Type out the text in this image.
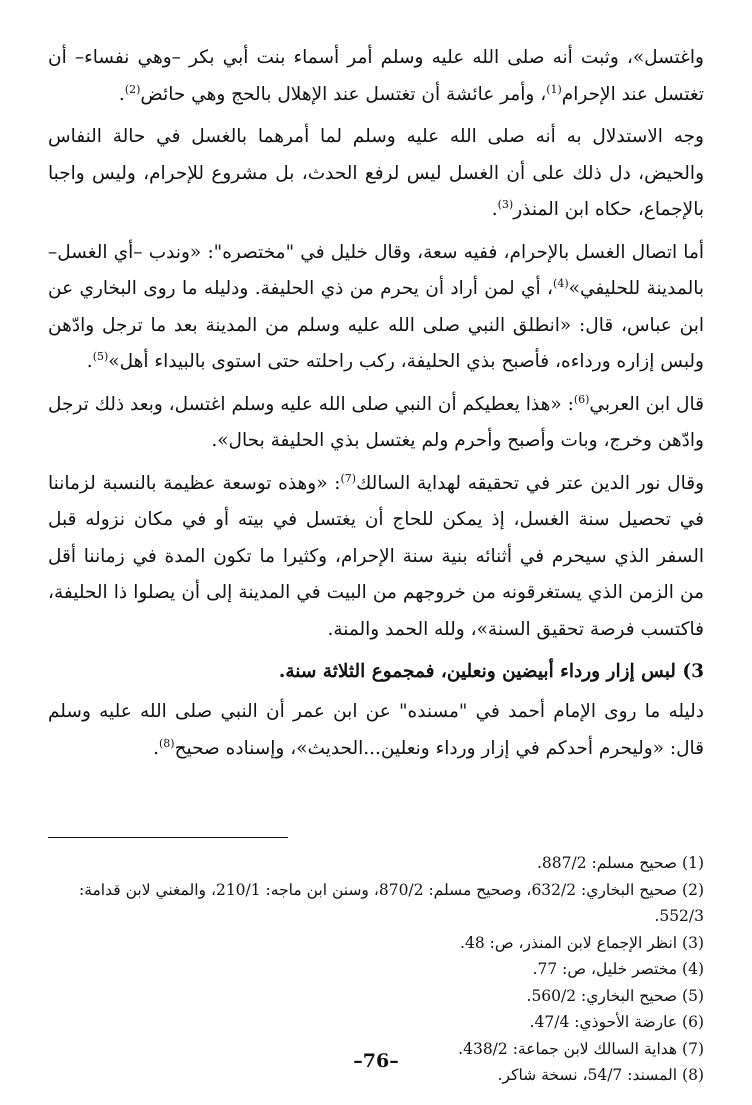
واغتسل»، وثبت أنه صلى الله عليه وسلم أمر أسماء بنت أبي بكر –وهي نفساء– أن تغتسل عند الإحرام$^{(1)}$، وأمر عائشة أن تغتسل عند الإهلال بالحج وهي حائض$^{(2)}$.

وجه الاستدلال به أنه صلى الله عليه وسلم لما أمرهما بالغسل في حالة النفاس والحيض، دل ذلك على أن الغسل ليس لرفع الحدث، بل مشروع للإحرام، وليس واجبا بالإجماع، حكاه ابن المنذر$^{(3)}$.

أما اتصال الغسل بالإحرام، ففيه سعة، وقال خليل في "مختصره": «وندب –أي الغسل– بالمدينة للحليفي»$^{(4)}$، أي لمن أراد أن يحرم من ذي الحليفة. ودليله ما روى البخاري عن ابن عباس، قال: «انطلق النبي صلى الله عليه وسلم من المدينة بعد ما ترجل وادّهن ولبس إزاره ورداءه، فأصبح بذي الحليفة، ركب راحلته حتى استوى بالبيداء أهل»$^{(5)}$.

قال ابن العربي$^{(6)}$: «هذا يعطيكم أن النبي صلى الله عليه وسلم اغتسل، وبعد ذلك ترجل وادّهن وخرج، وبات وأصبح وأحرم ولم يغتسل بذي الحليفة بحال».

وقال نور الدين عتر في تحقيقه لهداية السالك$^{(7)}$: «وهذه توسعة عظيمة بالنسبة لزماننا في تحصيل سنة الغسل، إذ يمكن للحاج أن يغتسل في بيته أو في مكان نزوله قبل السفر الذي سيحرم في أثنائه بنية سنة الإحرام، وكثيرا ما تكون المدة في زماننا أقل من الزمن الذي يستغرقونه من خروجهم من البيت في المدينة إلى أن يصلوا ذا الحليفة، فاكتسب فرصة تحقيق السنة»، ولله الحمد والمنة.

3) لبس إزار ورداء أبيضين ونعلين، فمجموع الثلاثة سنة.

دليله ما روى الإمام أحمد في "مسنده" عن ابن عمر أن النبي صلى الله عليه وسلم قال: «وليحرم أحدكم في إزار ورداء ونعلين...الحديث»، وإسناده صحيح$^{(8)}$.

(1) صحيح مسلم: 887/2.

(2) صحيح البخاري: 632/2، وصحيح مسلم: 870/2، وسنن ابن ماجه: 210/1، والمغني لابن قدامة: 552/3.

(3) انظر الإجماع لابن المنذر، ص: 48.

(4) مختصر خليل، ص: 77.

(5) صحيح البخاري: 560/2.

(6) عارضة الأحوذي: 47/4.

(7) هداية السالك لابن جماعة: 438/2.

(8) المسند: 54/7، نسخة شاكر.

–76–
